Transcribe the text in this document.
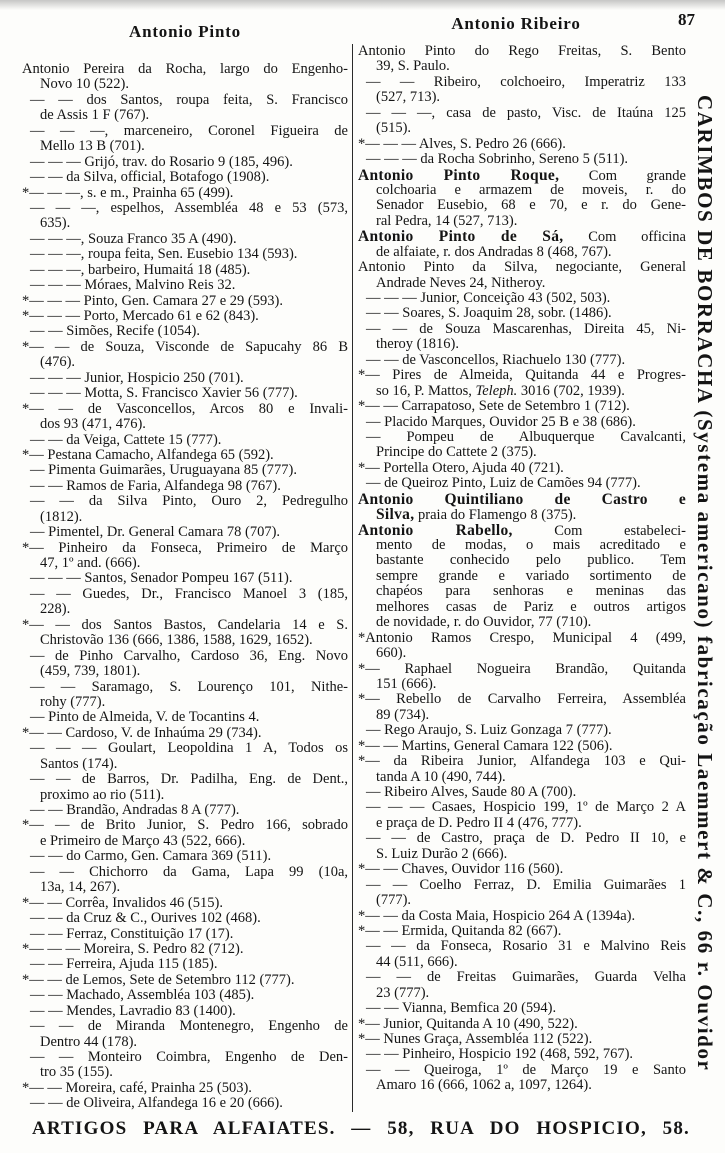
Antonio Pinto	Antonio Ribeiro	87
Antonio Pereira da Rocha, largo do Engenho-
Novo 10 (522).
— — dos Santos, roupa feita, S. Francisco
de Assis 1 F (767).
— — —, marceneiro, Coronel Figueira de
Mello 13 B (701).
— — — Grijó, trav. do Rosario 9 (185, 496).
— — da Silva, official, Botafogo (1908).
*— — —, s. e m., Prainha 65 (499).
— — —, espelhos, Assembléa 48 e 53 (573,
635).
— — —, Souza Franco 35 A (490).
— — —, roupa feita, Sen. Eusebio 134 (593).
— — —, barbeiro, Humaitá 18 (485).
— — — Móraes, Malvino Reis 32.
*— — — Pinto, Gen. Camara 27 e 29 (593).
*— — — Porto, Mercado 61 e 62 (843).
— — Simões, Recife (1054).
*— — de Souza, Visconde de Sapucahy 86 B
(476).
— — — Junior, Hospicio 250 (701).
— — — Motta, S. Francisco Xavier 56 (777).
*— — de Vasconcellos, Arcos 80 e Invali-
dos 93 (471, 476).
— — da Veiga, Cattete 15 (777).
*— Pestana Camacho, Alfandega 65 (592).
— Pimenta Guimarães, Uruguayana 85 (777).
— — Ramos de Faria, Alfandega 98 (767).
— — da Silva Pinto, Ouro 2, Pedregulho
(1812).
— Pimentel, Dr. General Camara 78 (707).
*— Pinheiro da Fonseca, Primeiro de Março
47, 1º and. (666).
— — — Santos, Senador Pompeu 167 (511).
— — Guedes, Dr., Francisco Manoel 3 (185,
228).
*— — dos Santos Bastos, Candelaria 14 e S.
Christovão 136 (666, 1386, 1588, 1629, 1652).
— de Pinho Carvalho, Cardoso 36, Eng. Novo
(459, 739, 1801).
— — Saramago, S. Lourenço 101, Nithe-
rohy (777).
— Pinto de Almeida, V. de Tocantins 4.
*— — Cardoso, V. de Inhaúma 29 (734).
— — — Goulart, Leopoldina 1 A, Todos os
Santos (174).
— — de Barros, Dr. Padilha, Eng. de Dent.,
proximo ao rio (511).
— — Brandão, Andradas 8 A (777).
*— — de Brito Junior, S. Pedro 166, sobrado
e Primeiro de Março 43 (522, 666).
— — do Carmo, Gen. Camara 369 (511).
— — Chichorro da Gama, Lapa 99 (10a,
13a, 14, 267).
*— — Corrêa, Invalidos 46 (515).
— — da Cruz & C., Ourives 102 (468).
— — Ferraz, Constituição 17 (17).
*— — — Moreira, S. Pedro 82 (712).
— — Ferreira, Ajuda 115 (185).
*— — de Lemos, Sete de Setembro 112 (777).
— — Machado, Assembléa 103 (485).
— — Mendes, Lavradio 83 (1400).
— — de Miranda Montenegro, Engenho de
Dentro 44 (178).
— — Monteiro Coimbra, Engenho de Den-
tro 35 (155).
*— — Moreira, café, Prainha 25 (503).
— — de Oliveira, Alfandega 16 e 20 (666).
Antonio Pinto do Rego Freitas, S. Bento
39, S. Paulo.
— — Ribeiro, colchoeiro, Imperatriz 133
(527, 713).
— — —, casa de pasto, Visc. de Itaúna 125
(515).
*— — — Alves, S. Pedro 26 (666).
— — — da Rocha Sobrinho, Sereno 5 (511).
Antonio Pinto Roque, Com grande
colchoaria e armazem de moveis, r. do
Senador Eusebio, 68 e 70, e r. do Gene-
ral Pedra, 14 (527, 713).
Antonio Pinto de Sá, Com officina
de alfaiate, r. dos Andradas 8 (468, 767).
Antonio Pinto da Silva, negociante, General
Andrade Neves 24, Nitheroy.
— — — Junior, Conceição 43 (502, 503).
— — Soares, S. Joaquim 28, sobr. (1486).
— — de Souza Mascarenhas, Direita 45, Ni-
theroy (1816).
— — de Vasconcellos, Riachuelo 130 (777).
*— Pires de Almeida, Quitanda 44 e Progres-
so 16, P. Mattos, Teleph. 3016 (702, 1939).
*— — Carrapatoso, Sete de Setembro 1 (712).
— Placido Marques, Ouvidor 25 B e 38 (686).
— Pompeu de Albuquerque Cavalcanti,
Principe do Cattete 2 (375).
*— Portella Otero, Ajuda 40 (721).
— de Queiroz Pinto, Luiz de Camões 94 (777).
Antonio Quintiliano de Castro e
Silva, praia do Flamengo 8 (375).
Antonio Rabello, Com estabeleci-
mento de modas, o mais acreditado e
bastante conhecido pelo publico. Tem
sempre grande e variado sortimento de
chapéos para senhoras e meninas das
melhores casas de Pariz e outros artigos
de novidade, r. do Ouvidor, 77 (710).
*Antonio Ramos Crespo, Municipal 4 (499,
660).
*— Raphael Nogueira Brandão, Quitanda
151 (666).
*— Rebello de Carvalho Ferreira, Assembléa
89 (734).
— Rego Araujo, S. Luiz Gonzaga 7 (777).
*— — Martins, General Camara 122 (506).
*— da Ribeira Junior, Alfandega 103 e Qui-
tanda A 10 (490, 744).
— Ribeiro Alves, Saude 80 A (700).
— — — Casaes, Hospicio 199, 1º de Março 2 A
e praça de D. Pedro II 4 (476, 777).
— — de Castro, praça de D. Pedro II 10, e
S. Luiz Durão 2 (666).
*— — Chaves, Ouvidor 116 (560).
— — Coelho Ferraz, D. Emilia Guimarães 1
(777).
*— — da Costa Maia, Hospicio 264 A (1394a).
*— — Ermida, Quitanda 82 (667).
— — da Fonseca, Rosario 31 e Malvino Reis
44 (511, 666).
— — de Freitas Guimarães, Guarda Velha
23 (777).
— — Vianna, Bemfica 20 (594).
*— Junior, Quitanda A 10 (490, 522).
*— Nunes Graça, Assembléa 112 (522).
— — Pinheiro, Hospicio 192 (468, 592, 767).
— — Queiroga, 1º de Março 19 e Santo
Amaro 16 (666, 1062 a, 1097, 1264).
CARIMBOS DE BORRACHA (Systema americano) fabricação Laemmert & C., 66 r. Ouvidor
ARTIGOS PARA ALFAIATES. — 58, RUA DO HOSPICIO, 58.
